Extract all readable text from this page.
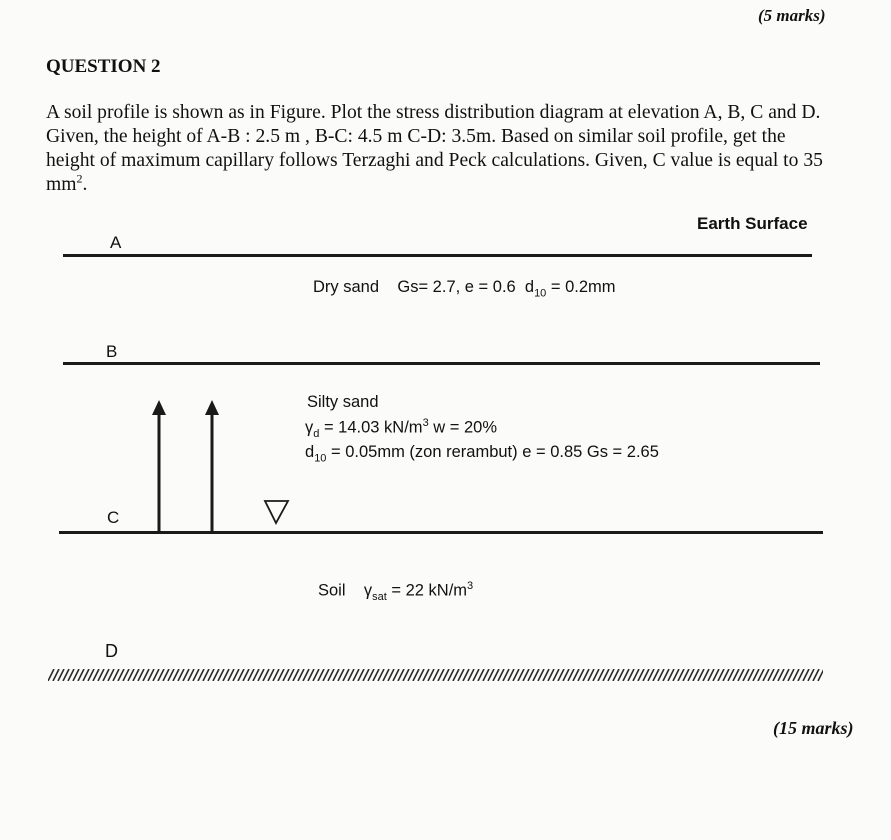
(5 marks)
QUESTION 2
A soil profile is shown as in Figure. Plot the stress distribution diagram at elevation A, B, C and D. Given, the height of A-B : 2.5 m , B-C: 4.5 m C-D: 3.5m. Based on similar soil profile, get the height of maximum capillary follows Terzaghi and Peck calculations. Given, C value is equal to 35 $mm^2$.
Earth Surface
A
Dry sand Gs= 2.7, e = 0.6 $d_{10} = 0.2mm$
B
Silty sand
$\gamma_d = 14.03$ $kN/m^3$ w = 20%
$d_{10} = 0.05mm$ (zon rerambut) e = 0.85 Gs = 2.65
C
Soil $\gamma_{sat} = 22$ $kN/m^3$
D
(15 marks)
